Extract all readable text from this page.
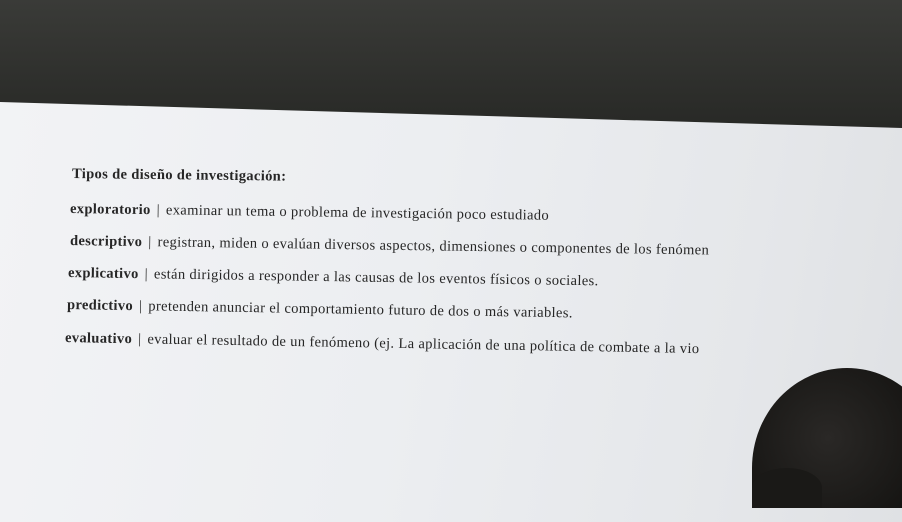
Tipos de diseño de investigación:
exploratorio | examinar un tema o problema de investigación poco estudiado
descriptivo | registran, miden o evalúan diversos aspectos, dimensiones o componentes de los fenómen
explicativo | están dirigidos a responder a las causas de los eventos físicos o sociales.
predictivo | pretenden anunciar el comportamiento futuro de dos o más variables.
evaluativo | evaluar el resultado de un fenómeno (ej. La aplicación de una política de combate a la vio
